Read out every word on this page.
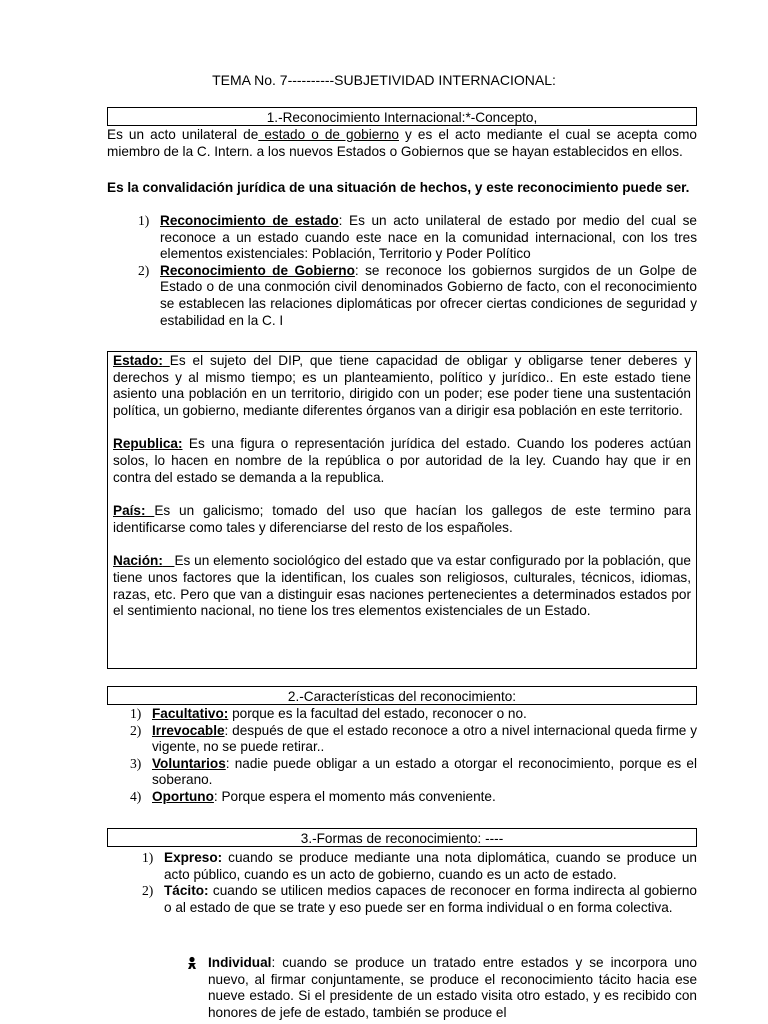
TEMA No. 7----------SUBJETIVIDAD INTERNACIONAL:
1.-Reconocimiento Internacional:*-Concepto,
Es un acto unilateral de estado o de gobierno y es el acto mediante el cual se acepta como miembro de la C. Intern. a los nuevos Estados o Gobiernos que se hayan establecidos en ellos.
Es la convalidación jurídica de una situación de hechos, y este reconocimiento puede ser.
1) Reconocimiento de estado: Es un acto unilateral de estado por medio del cual se reconoce a un estado cuando este nace en la comunidad internacional, con los tres elementos existenciales: Población, Territorio y Poder Político
2) Reconocimiento de Gobierno: se reconoce los gobiernos surgidos de un Golpe de Estado o de una conmoción civil denominados Gobierno de facto, con el reconocimiento se establecen las relaciones diplomáticas por ofrecer ciertas condiciones de seguridad y estabilidad en la C. I

Estado: Es el sujeto del DIP, que tiene capacidad de obligar y obligarse tener deberes y derechos y al mismo tiempo; es un planteamiento, político y jurídico.. En este estado tiene asiento una población en un territorio, dirigido con un poder; ese poder tiene una sustentación política, un gobierno, mediante diferentes órganos van a dirigir esa población en este territorio.

Republica: Es una figura o representación jurídica del estado. Cuando los poderes actúan solos, lo hacen en nombre de la república o por autoridad de la ley. Cuando hay que ir en contra del estado se demanda a la republica.

País: Es un galicismo; tomado del uso que hacían los gallegos de este termino para identificarse como tales y diferenciarse del resto de los españoles.

Nación: Es un elemento sociológico del estado que va estar configurado por la población, que tiene unos factores que la identifican, los cuales son religiosos, culturales, técnicos, idiomas, razas, etc. Pero que van a distinguir esas naciones pertenecientes a determinados estados por el sentimiento nacional, no tiene los tres elementos existenciales de un Estado.

2.-Características del reconocimiento:
1) Facultativo: porque es la facultad del estado, reconocer o no.
2) Irrevocable: después de que el estado reconoce a otro a nivel internacional queda firme y vigente, no se puede retirar..
3) Voluntarios: nadie puede obligar a un estado a otorgar el reconocimiento, porque es el soberano.
4) Oportuno: Porque espera el momento más conveniente.
3.-Formas de reconocimiento: ----
1) Expreso: cuando se produce mediante una nota diplomática, cuando se produce un acto público, cuando es un acto de gobierno, cuando es un acto de estado.
2) Tácito: cuando se utilicen medios capaces de reconocer en forma indirecta al gobierno o al estado de que se trate y eso puede ser en forma individual o en forma colectiva.
Individual: cuando se produce un tratado entre estados y se incorpora uno nuevo, al firmar conjuntamente, se produce el reconocimiento tácito hacia ese nueve estado. Si el presidente de un estado visita otro estado, y es recibido con honores de jefe de estado, también se produce el
